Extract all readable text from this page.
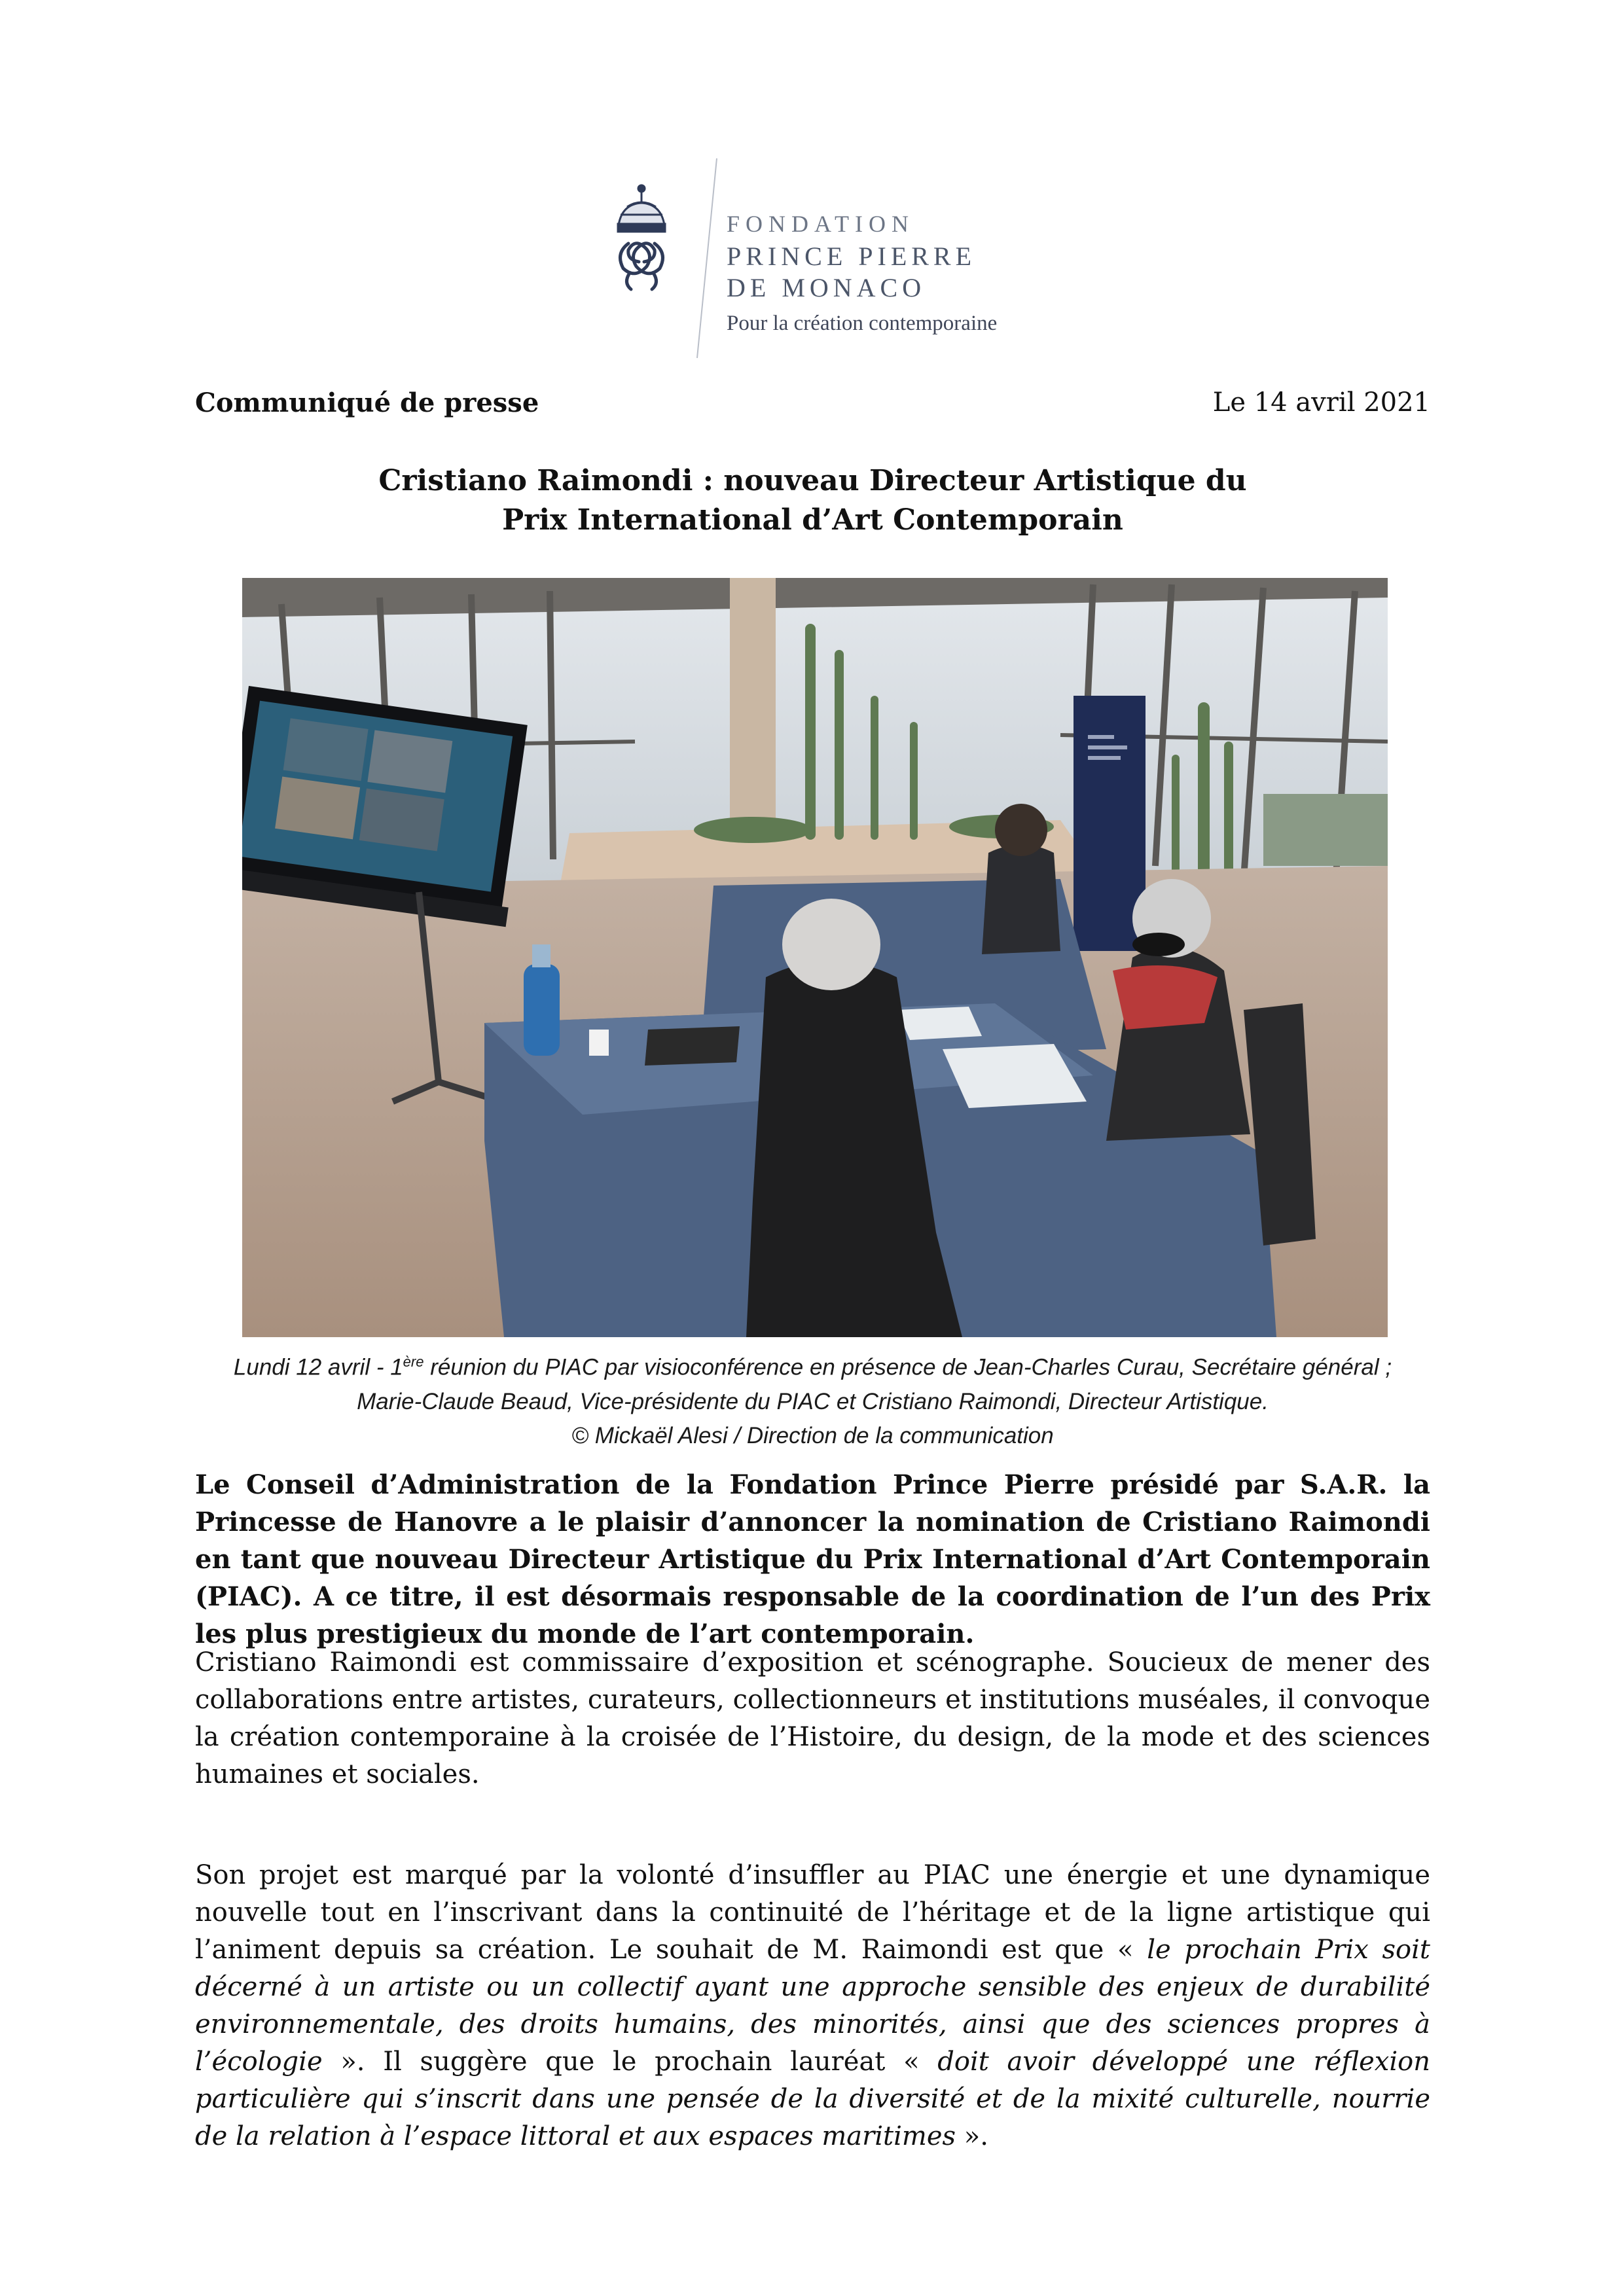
FONDATION
PRINCE PIERRE
DE MONACO
Pour la création contemporaine
Communiqué de presse	Le 14 avril 2021
Cristiano Raimondi : nouveau Directeur Artistique du
Prix International d’Art Contemporain
Lundi 12 avril - 1ère réunion du PIAC par visioconférence en présence de Jean-Charles Curau, Secrétaire général ;
Marie-Claude Beaud, Vice-présidente du PIAC et Cristiano Raimondi, Directeur Artistique.
© Mickaël Alesi / Direction de la communication
Le Conseil d’Administration de la Fondation Prince Pierre présidé par S.A.R. la Princesse de Hanovre a le plaisir d’annoncer la nomination de Cristiano Raimondi en tant que nouveau Directeur Artistique du Prix International d’Art Contemporain (PIAC). A ce titre, il est désormais responsable de la coordination de l’un des Prix les plus prestigieux du monde de l’art contemporain.
Cristiano Raimondi est commissaire d’exposition et scénographe. Soucieux de mener des collaborations entre artistes, curateurs, collectionneurs et institutions muséales, il convoque la création contemporaine à la croisée de l’Histoire, du design, de la mode et des sciences humaines et sociales.
Son projet est marqué par la volonté d’insuffler au PIAC une énergie et une dynamique nouvelle tout en l’inscrivant dans la continuité de l’héritage et de la ligne artistique qui l’animent depuis sa création. Le souhait de M. Raimondi est que « le prochain Prix soit décerné à un artiste ou un collectif ayant une approche sensible des enjeux de durabilité environnementale, des droits humains, des minorités, ainsi que des sciences propres à l’écologie ». Il suggère que le prochain lauréat « doit avoir développé une réflexion particulière qui s’inscrit dans une pensée de la diversité et de la mixité culturelle, nourrie de la relation à l’espace littoral et aux espaces maritimes ».
